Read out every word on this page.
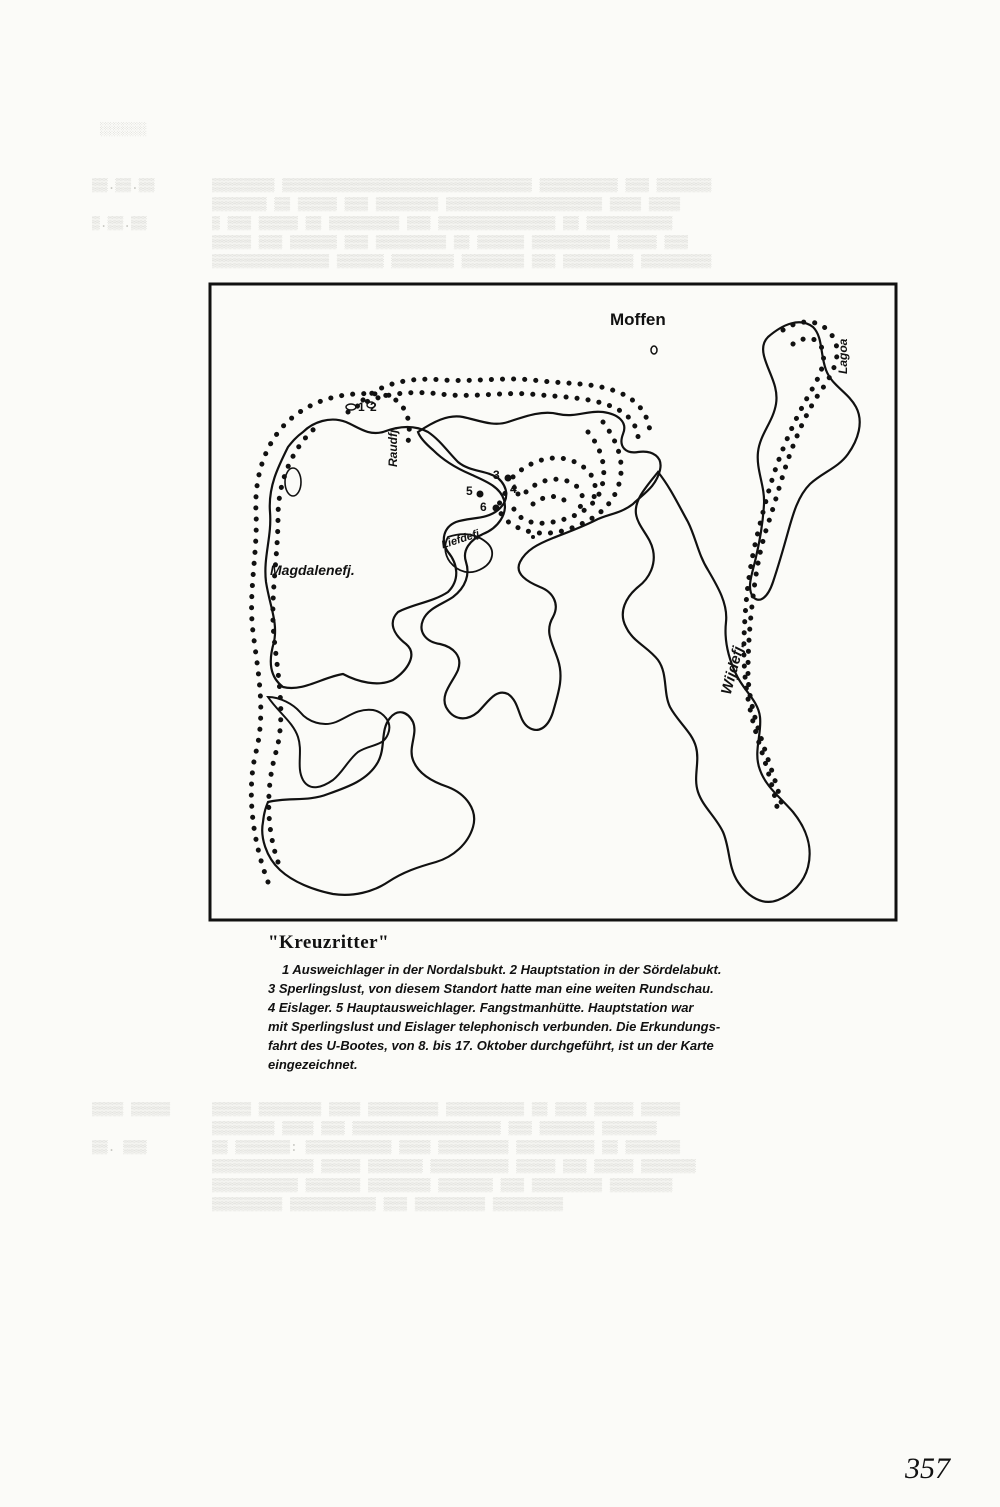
░░░░░░
▒▒.▒▒.▒▒	▒▒▒▒▒▒▒▒ ▒▒▒▒▒▒▒▒▒▒▒▒▒▒▒▒▒▒▒▒▒▒▒▒▒▒▒▒▒▒▒▒ ▒▒▒▒▒▒▒▒▒▒ ▒▒▒ ▒▒▒▒▒▒▒
▒▒▒▒▒▒▒ ▒▒ ▒▒▒▒▒ ▒▒▒ ▒▒▒▒▒▒▒▒ ▒▒▒▒▒▒▒▒▒▒▒▒▒▒▒▒▒▒▒▒ ▒▒▒▒ ▒▒▒▒
▒.▒▒.▒▒	▒ ▒▒▒ ▒▒▒▒▒ ▒▒ ▒▒▒▒▒▒▒▒▒ ▒▒▒ ▒▒▒▒▒▒▒▒▒▒▒▒▒▒▒ ▒▒ ▒▒▒▒▒▒▒▒▒▒▒
▒▒▒▒▒ ▒▒▒ ▒▒▒▒▒▒ ▒▒▒ ▒▒▒▒▒▒▒▒▒ ▒▒ ▒▒▒▒▒▒ ▒▒▒▒▒▒▒▒▒▒ ▒▒▒▒▒ ▒▒▒
▒▒▒▒▒▒▒▒▒▒▒▒▒▒▒ ▒▒▒▒▒▒ ▒▒▒▒▒▒▒▒ ▒▒▒▒▒▒▒▒ ▒▒▒ ▒▒▒▒▒▒▒▒▒ ▒▒▒▒▒▒▒▒▒
▒▒▒▒ ▒▒▒▒▒	▒▒▒▒▒ ▒▒▒▒▒▒▒▒ ▒▒▒▒ ▒▒▒▒▒▒▒▒▒ ▒▒▒▒▒▒▒▒▒▒ ▒▒ ▒▒▒▒ ▒▒▒▒▒ ▒▒▒▒▒
▒▒▒▒▒▒▒▒ ▒▒▒▒ ▒▒▒ ▒▒▒▒▒▒▒▒▒▒▒▒▒▒▒▒▒▒▒ ▒▒▒ ▒▒▒▒▒▒▒ ▒▒▒▒▒▒▒
▒▒. ▒▒▒	▒▒ ▒▒▒▒▒▒▒: ▒▒▒▒▒▒▒▒▒▒▒ ▒▒▒▒ ▒▒▒▒▒▒▒▒▒ ▒▒▒▒▒▒▒▒▒▒ ▒▒ ▒▒▒▒▒▒▒
▒▒▒▒▒▒▒▒▒▒▒▒▒ ▒▒▒▒▒ ▒▒▒▒▒▒▒ ▒▒▒▒▒▒▒▒▒▒ ▒▒▒▒▒ ▒▒▒ ▒▒▒▒▒ ▒▒▒▒▒▒▒
▒▒▒▒▒▒▒▒▒▒▒ ▒▒▒▒▒▒▒ ▒▒▒▒▒▒▒▒ ▒▒▒▒▒▒▒ ▒▒▒ ▒▒▒▒▒▒▒▒▒ ▒▒▒▒▒▒▒▒
▒▒▒▒▒▒▒▒▒ ▒▒▒▒▒▒▒▒▒▒▒ ▒▒▒ ▒▒▒▒▒▒▒▒▒ ▒▒▒▒▒▒▒▒▒
Moffen
Lagoa
Raudfj.
Liefdefj.
Magdalenefj.
Wijdefj.
1 2
3
4
5
6
"Kreuzritter"
1 Ausweichlager in der Nordalsbukt. 2 Hauptstation in der Sördelabukt.
3 Sperlingslust, von diesem Standort hatte man eine weiten Rundschau.
4 Eislager. 5 Hauptausweichlager. Fangstmanhütte. Hauptstation war
mit Sperlingslust und Eislager telephonisch verbunden. Die Erkundungs-
fahrt des U-Bootes, von 8. bis 17. Oktober durchgeführt, ist un der Karte
eingezeichnet.
357
